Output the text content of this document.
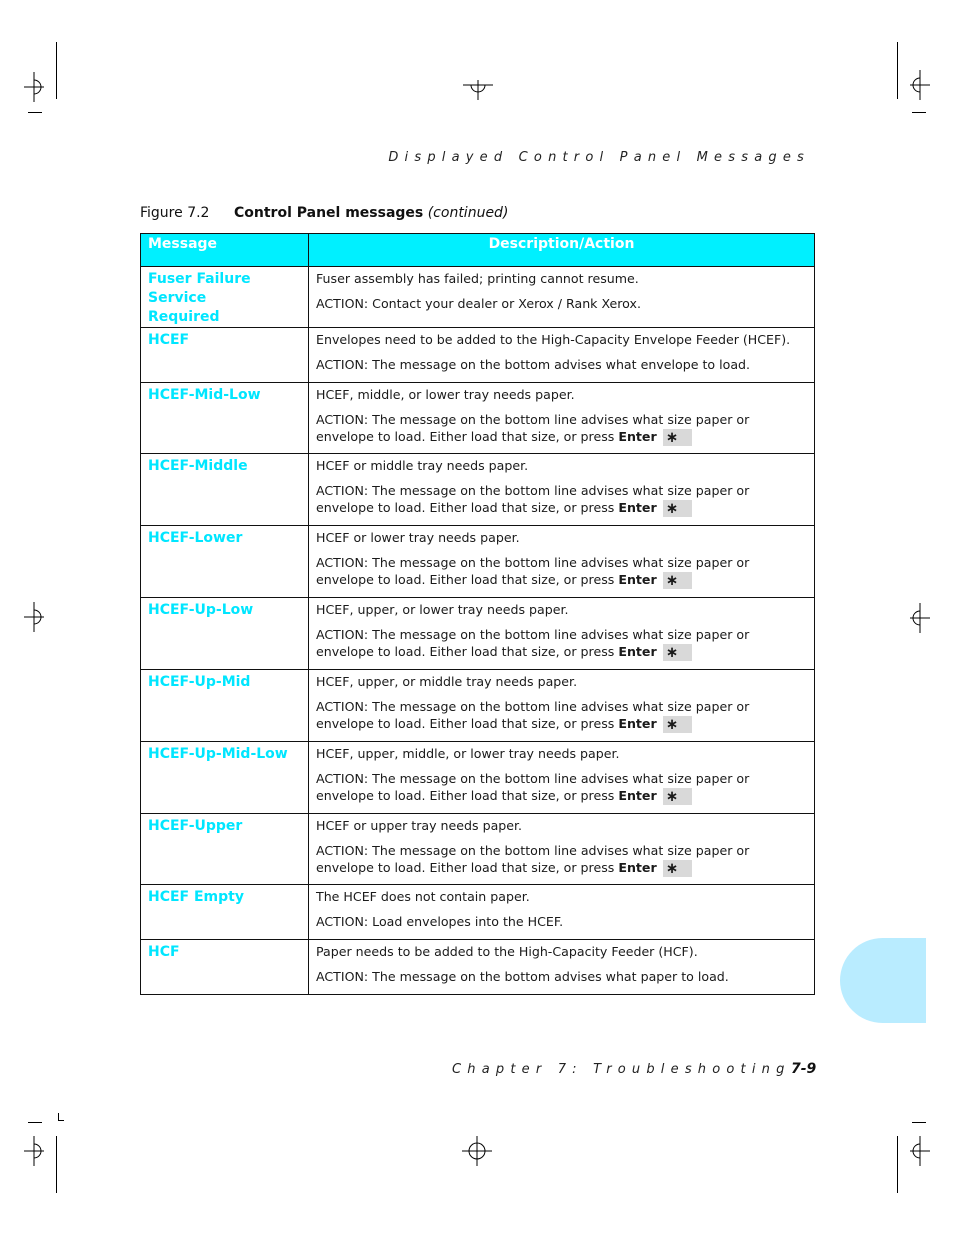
Displayed Control Panel Messages
Figure 7.2 Control Panel messages (continued)
Message	Description/Action
Fuser Failure Service Required	Fuser assembly has failed; printing cannot resume.

ACTION: Contact your dealer or Xerox / Rank Xerox.

HCEF	Envelopes need to be added to the High-Capacity Envelope Feeder (HCEF).

ACTION: The message on the bottom advises what envelope to load.

HCEF-Mid-Low	HCEF, middle, or lower tray needs paper.

ACTION: The message on the bottom line advises what size paper or envelope to load. Either load that size, or press Enter ∗

HCEF-Middle	HCEF or middle tray needs paper.

ACTION: The message on the bottom line advises what size paper or envelope to load. Either load that size, or press Enter ∗

HCEF-Lower	HCEF or lower tray needs paper.

ACTION: The message on the bottom line advises what size paper or envelope to load. Either load that size, or press Enter ∗

HCEF-Up-Low	HCEF, upper, or lower tray needs paper.

ACTION: The message on the bottom line advises what size paper or envelope to load. Either load that size, or press Enter ∗

HCEF-Up-Mid	HCEF, upper, or middle tray needs paper.

ACTION: The message on the bottom line advises what size paper or envelope to load. Either load that size, or press Enter ∗

HCEF-Up-Mid-Low	HCEF, upper, middle, or lower tray needs paper.

ACTION: The message on the bottom line advises what size paper or envelope to load. Either load that size, or press Enter ∗

HCEF-Upper	HCEF or upper tray needs paper.

ACTION: The message on the bottom line advises what size paper or envelope to load. Either load that size, or press Enter ∗

HCEF Empty	The HCEF does not contain paper.

ACTION: Load envelopes into the HCEF.

HCF	Paper needs to be added to the High-Capacity Feeder (HCF).

ACTION: The message on the bottom advises what paper to load.

Chapter 7: Troubleshooting 7-9
